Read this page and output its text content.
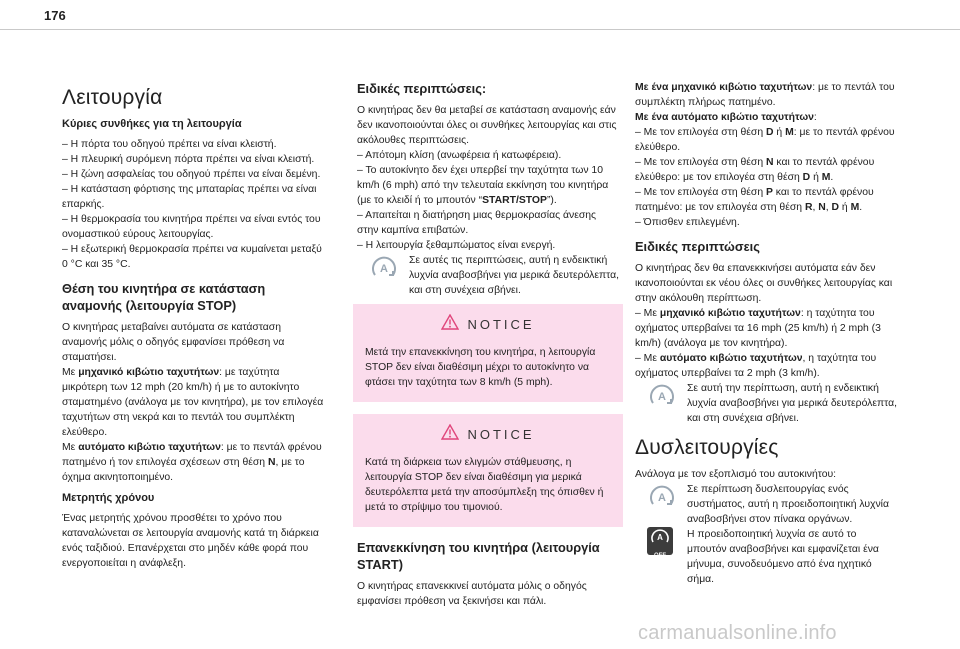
176
Λειτουργία
Κύριες συνθήκες για τη λειτουργία

– Η πόρτα του οδηγού πρέπει να είναι κλειστή.

– Η πλευρική συρόμενη πόρτα πρέπει να είναι κλειστή.

– Η ζώνη ασφαλείας του οδηγού πρέπει να είναι δεμένη.

– Η κατάσταση φόρτισης της μπαταρίας πρέπει να είναι επαρκής.

– Η θερμοκρασία του κινητήρα πρέπει να είναι εντός του ονομαστικού εύρους λειτουργίας.

– Η εξωτερική θερμοκρασία πρέπει να κυμαίνεται μεταξύ 0 °C και 35 °C.

Θέση του κινητήρα σε κατάσταση αναμονής (λειτουργία STOP)

Ο κινητήρας μεταβαίνει αυτόματα σε κατάσταση αναμονής μόλις ο οδηγός εμφανίσει πρόθεση να σταματήσει.

Με μηχανικό κιβώτιο ταχυτήτων: με ταχύτητα μικρότερη των 12 mph (20 km/h) ή με το αυτοκίνητο σταματημένο (ανάλογα με τον κινητήρα), με τον επιλογέα ταχυτήτων στη νεκρά και το πεντάλ του συμπλέκτη ελεύθερο.

Με αυτόματο κιβώτιο ταχυτήτων: με το πεντάλ φρένου πατημένο ή τον επιλογέα σχέσεων στη θέση N, με το όχημα ακινητοποιημένο.

Μετρητής χρόνου

Ένας μετρητής χρόνου προσθέτει το χρόνο που καταναλώνεται σε λειτουργία αναμονής κατά τη διάρκεια ενός ταξιδιού. Επανέρχεται στο μηδέν κάθε φορά που ενεργοποιείται η ανάφλεξη.

Ειδικές περιπτώσεις:

Ο κινητήρας δεν θα μεταβεί σε κατάσταση αναμονής εάν δεν ικανοποιούνται όλες οι συνθήκες λειτουργίας και στις ακόλουθες περιπτώσεις.

– Απότομη κλίση (ανωφέρεια ή κατωφέρεια).

– Το αυτοκίνητο δεν έχει υπερβεί την ταχύτητα των 10 km/h (6 mph) από την τελευταία εκκίνηση του κινητήρα (με το κλειδί ή το μπουτόν “START/STOP”).

– Απαιτείται η διατήρηση μιας θερμοκρασίας άνεσης στην καμπίνα επιβατών.

– Η λειτουργία ξεθαμπώματος είναι ενεργή.

A
Σε αυτές τις περιπτώσεις, αυτή η ενδεικτική λυχνία αναβοσβήνει για μερικά δευτερόλεπτα, και στη συνέχεια σβήνει.
NOTICE
Μετά την επανεκκίνηση του κινητήρα, η λειτουργία STOP δεν είναι διαθέσιμη μέχρι το αυτοκίνητο να φτάσει την ταχύτητα των 8 km/h (5 mph).
NOTICE
Κατά τη διάρκεια των ελιγμών στάθμευσης, η λειτουργία STOP δεν είναι διαθέσιμη για μερικά δευτερόλεπτα μετά την αποσύμπλεξη της όπισθεν ή μετά το στρίψιμο του τιμονιού.
Επανεκκίνηση του κινητήρα (λειτουργία START)

Ο κινητήρας επανεκκινεί αυτόματα μόλις ο οδηγός εμφανίσει πρόθεση να ξεκινήσει και πάλι.

Με ένα μηχανικό κιβώτιο ταχυτήτων: με το πεντάλ του συμπλέκτη πλήρως πατημένο.

Με ένα αυτόματο κιβώτιο ταχυτήτων:

– Με τον επιλογέα στη θέση D ή M: με το πεντάλ φρένου ελεύθερο.

– Με τον επιλογέα στη θέση N και το πεντάλ φρένου ελεύθερο: με τον επιλογέα στη θέση D ή M.

– Με τον επιλογέα στη θέση P και το πεντάλ φρένου πατημένο: με τον επιλογέα στη θέση R, N, D ή M.

– Όπισθεν επιλεγμένη.

Ειδικές περιπτώσεις

Ο κινητήρας δεν θα επανεκκινήσει αυτόματα εάν δεν ικανοποιούνται εκ νέου όλες οι συνθήκες λειτουργίας και στην ακόλουθη περίπτωση.

– Με μηχανικό κιβώτιο ταχυτήτων: η ταχύτητα του οχήματος υπερβαίνει τα 16 mph (25 km/h) ή 2 mph (3 km/h) (ανάλογα με τον κινητήρα).

– Με αυτόματο κιβώτιο ταχυτήτων, η ταχύτητα του οχήματος υπερβαίνει τα 2 mph (3 km/h).

A
Σε αυτή την περίπτωση, αυτή η ενδεικτική λυχνία αναβοσβήνει για μερικά δευτερόλεπτα, και στη συνέχεια σβήνει.
Δυσλειτουργίες

Ανάλογα με τον εξοπλισμό του αυτοκινήτου:

A
Σε περίπτωση δυσλειτουργίας ενός συστήματος, αυτή η προειδοποιητική λυχνία αναβοσβήνει στον πίνακα οργάνων.
A
OFF
Η προειδοποιητική λυχνία σε αυτό το μπουτόν αναβοσβήνει και εμφανίζεται ένα μήνυμα, συνοδευόμενο από ένα ηχητικό σήμα.
carmanualsonline.info
